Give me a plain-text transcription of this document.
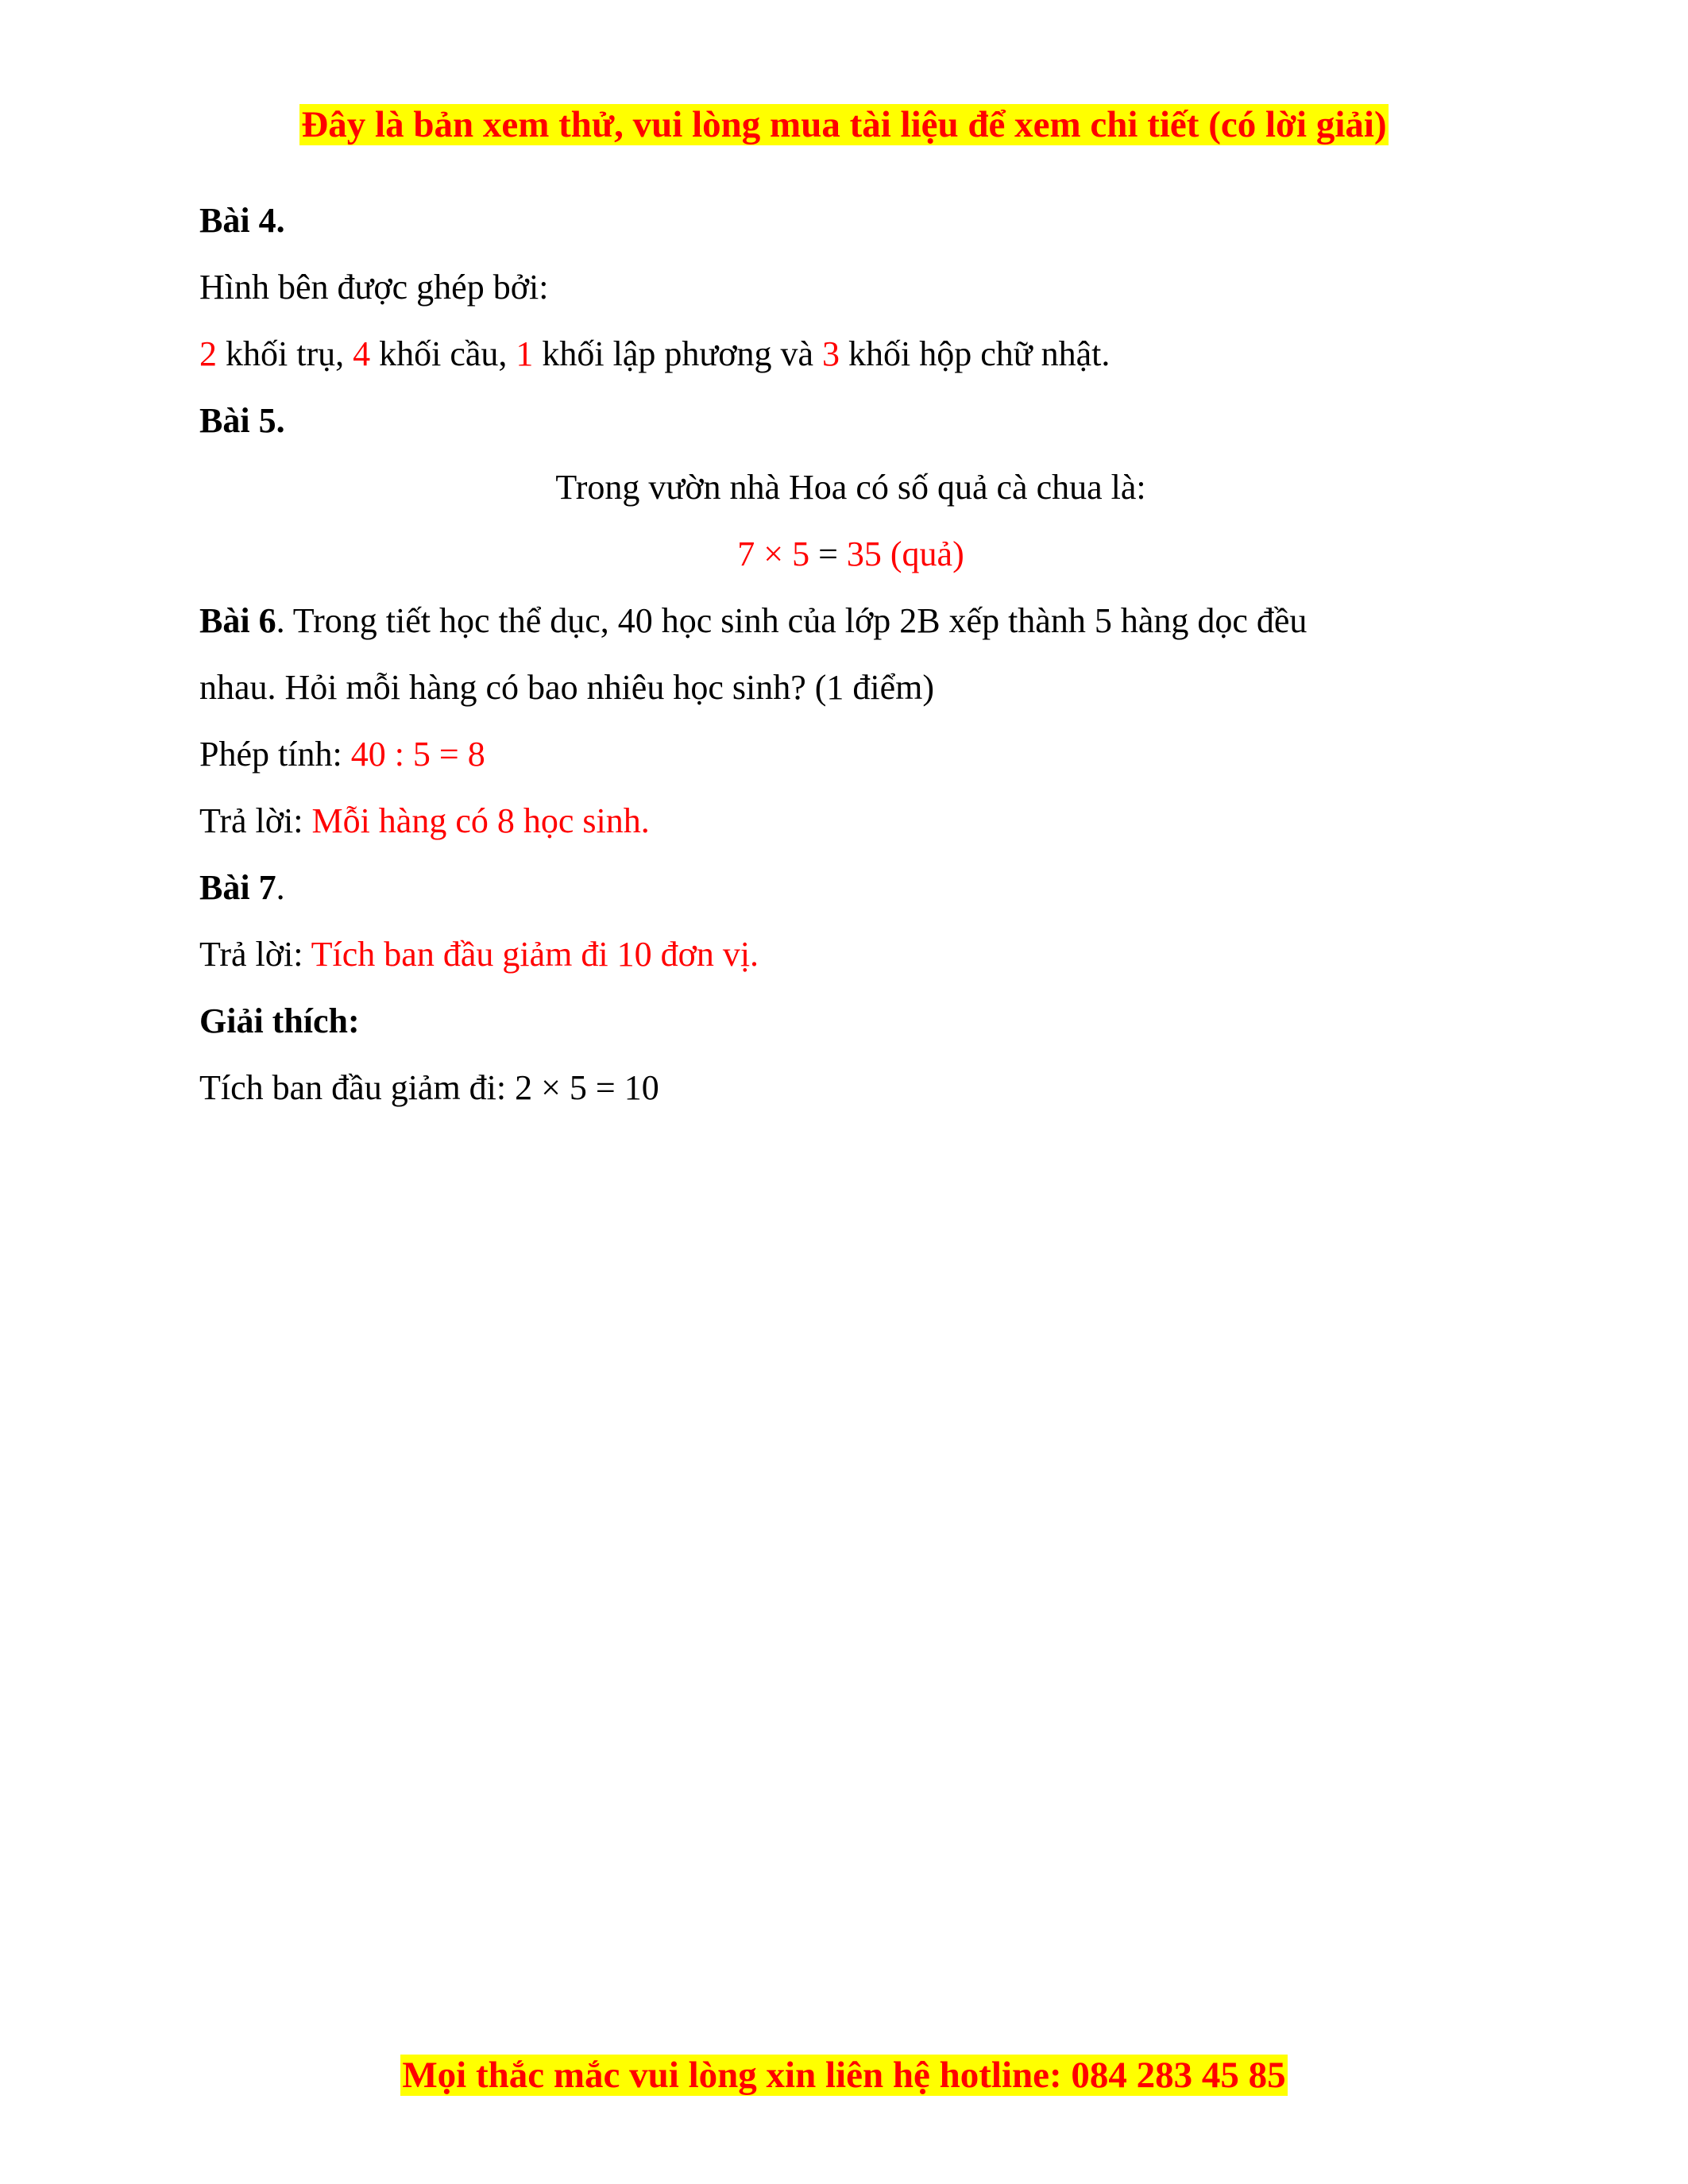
Đây là bản xem thử, vui lòng mua tài liệu để xem chi tiết (có lời giải)
Bài 4.
Hình bên được ghép bởi:
2 khối trụ, 4 khối cầu, 1 khối lập phương và 3 khối hộp chữ nhật.
Bài 5.
Trong vườn nhà Hoa có số quả cà chua là:
7 × 5 = 35 (quả)
Bài 6. Trong tiết học thể dục, 40 học sinh của lớp 2B xếp thành 5 hàng dọc đều
nhau. Hỏi mỗi hàng có bao nhiêu học sinh? (1 điểm)
Phép tính: 40 : 5 = 8
Trả lời: Mỗi hàng có 8 học sinh.
Bài 7.
Trả lời: Tích ban đầu giảm đi 10 đơn vị.
Giải thích:
Tích ban đầu giảm đi: 2 × 5 = 10
Mọi thắc mắc vui lòng xin liên hệ hotline: 084 283 45 85
